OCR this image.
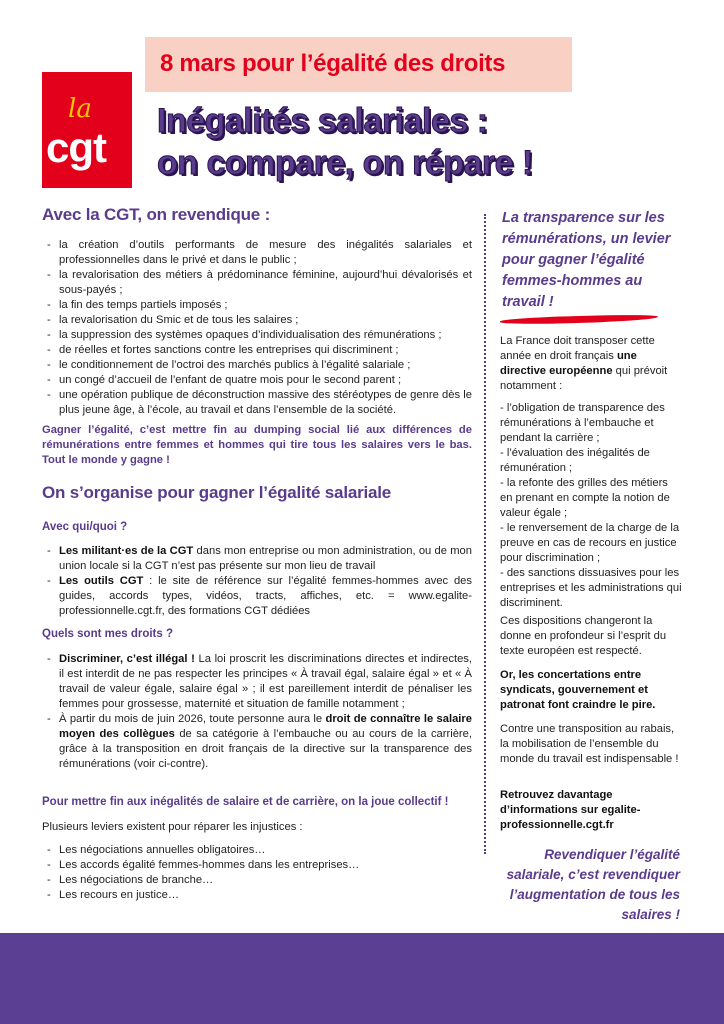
8 mars pour l’égalité des droits
la
cgt
Inégalités salariales :
on compare, on répare !
Avec la CGT, on revendique :
- la création d’outils performants de mesure des inégalités salariales et professionnelles dans le privé et dans le public ;
- la revalorisation des métiers à prédominance féminine, aujourd’hui dévalorisés et sous-payés ;
- la fin des temps partiels imposés ;
- la revalorisation du Smic et de tous les salaires ;
- la suppression des systèmes opaques d’individualisation des rémunérations ;
- de réelles et fortes sanctions contre les entreprises qui discriminent ;
- le conditionnement de l’octroi des marchés publics à l’égalité salariale ;
- un congé d’accueil de l’enfant de quatre mois pour le second parent ;
- une opération publique de déconstruction massive des stéréotypes de genre dès le plus jeune âge, à l’école, au travail et dans l’ensemble de la société.
Gagner l’égalité, c’est mettre fin au dumping social lié aux différences de rémunérations entre femmes et hommes qui tire tous les salaires vers le bas. Tout le monde y gagne !
On s’organise pour gagner l’égalité salariale
Avec qui/quoi ?
- Les militant·es de la CGT dans mon entreprise ou mon administration, ou de mon union locale si la CGT n’est pas présente sur mon lieu de travail
- Les outils CGT : le site de référence sur l’égalité femmes-hommes avec des guides, accords types, vidéos, tracts, affiches, etc. = www.egalite-professionnelle.cgt.fr, des formations CGT dédiées
Quels sont mes droits ?
- Discriminer, c’est illégal ! La loi proscrit les discriminations directes et indirectes, il est interdit de ne pas respecter les principes « À travail égal, salaire égal » et « À travail de valeur égale, salaire égal » ; il est pareillement interdit de pénaliser les femmes pour grossesse, maternité et situation de famille notamment ;
- À partir du mois de juin 2026, toute personne aura le droit de connaître le salaire moyen des collègues de sa catégorie à l’embauche ou au cours de la carrière, grâce à la transposition en droit français de la directive sur la transparence des rémunérations (voir ci-contre).
Pour mettre fin aux inégalités de salaire et de carrière, on la joue collectif !
Plusieurs leviers existent pour réparer les injustices :
- Les négociations annuelles obligatoires…
- Les accords égalité femmes-hommes dans les entreprises…
- Les négociations de branche…
- Les recours en justice…
La transparence sur les rémunérations, un levier pour gagner l’égalité femmes-hommes au travail !
La France doit transposer cette année en droit français une directive européenne qui prévoit notamment :
- l’obligation de transparence des rémunérations à l’embauche et pendant la carrière ;
- l’évaluation des inégalités de rémunération ;
- la refonte des grilles des métiers en prenant en compte la notion de valeur égale ;
- le renversement de la charge de la preuve en cas de recours en justice pour discrimination ;
- des sanctions dissuasives pour les entreprises et les administrations qui discriminent.
Ces dispositions changeront la donne en profondeur si l’esprit du texte européen est respecté.
Or, les concertations entre syndicats, gouvernement et patronat font craindre le pire.
Contre une transposition au rabais, la mobilisation de l’ensemble du monde du travail est indispensable !
Retrouvez davantage d’informations sur egalite-professionnelle.cgt.fr
Revendiquer l’égalité salariale, c’est revendiquer l’augmentation de tous les salaires !
